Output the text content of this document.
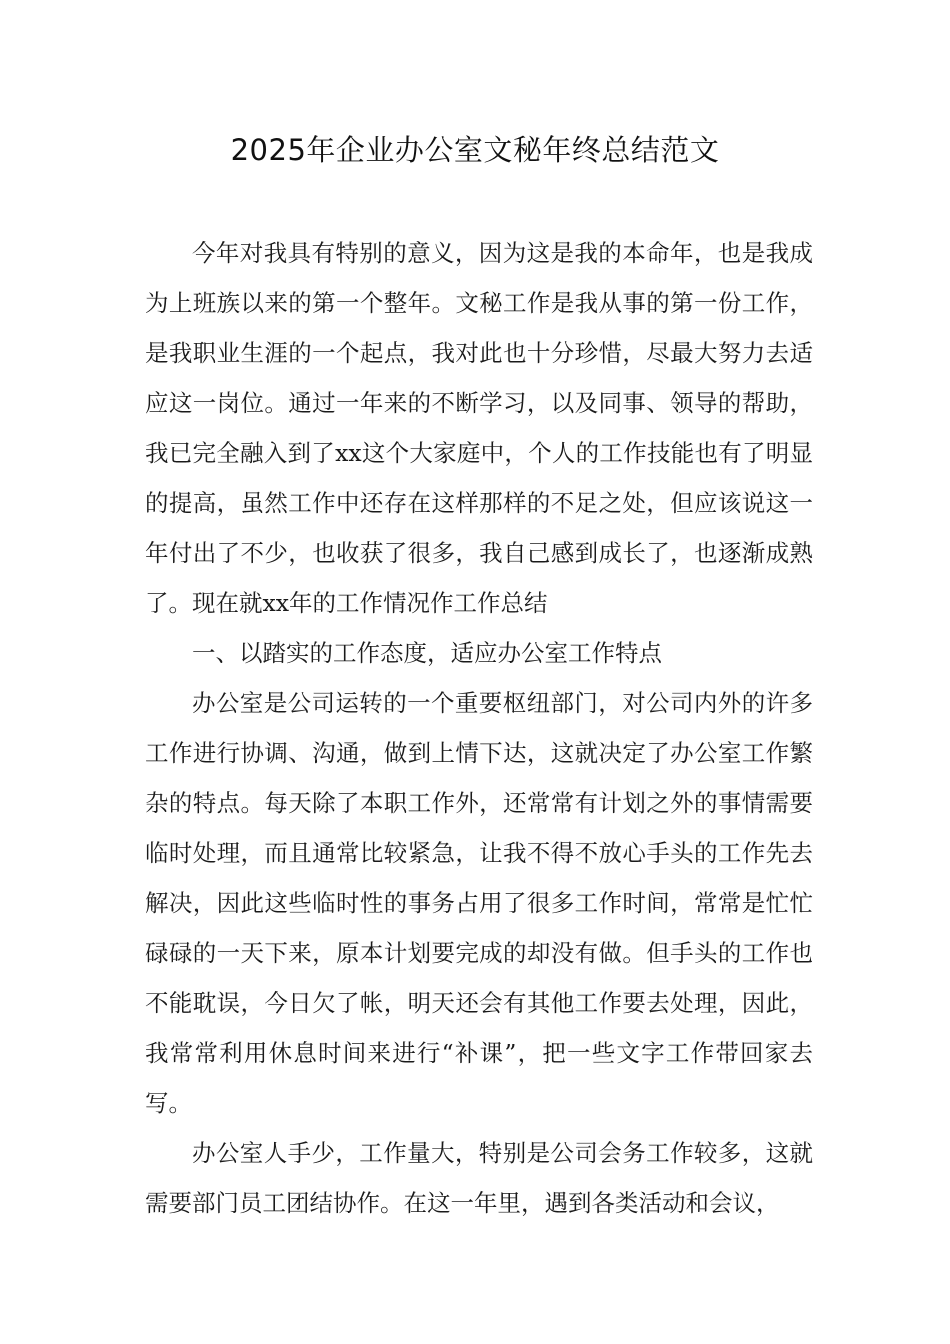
2025年企业办公室文秘年终总结范文

今年对我具有特别的意义，因为这是我的本命年，也是我成为上班族以来的第一个整年。文秘工作是我从事的第一份工作，是我职业生涯的一个起点，我对此也十分珍惜，尽最大努力去适应这一岗位。通过一年来的不断学习，以及同事、领导的帮助，我已完全融入到了xx这个大家庭中，个人的工作技能也有了明显的提高，虽然工作中还存在这样那样的不足之处，但应该说这一年付出了不少，也收获了很多，我自己感到成长了，也逐渐成熟了。现在就xx年的工作情况作工作总结

一、以踏实的工作态度，适应办公室工作特点

办公室是公司运转的一个重要枢纽部门，对公司内外的许多工作进行协调、沟通，做到上情下达，这就决定了办公室工作繁杂的特点。每天除了本职工作外，还常常有计划之外的事情需要临时处理，而且通常比较紧急，让我不得不放心手头的工作先去解决，因此这些临时性的事务占用了很多工作时间，常常是忙忙碌碌的一天下来，原本计划要完成的却没有做。但手头的工作也不能耽误，今日欠了帐，明天还会有其他工作要去处理，因此，我常常利用休息时间来进行“补课”，把一些文字工作带回家去写。

办公室人手少，工作量大，特别是公司会务工作较多，这就需要部门员工团结协作。在这一年里，遇到各类活动和会议，
